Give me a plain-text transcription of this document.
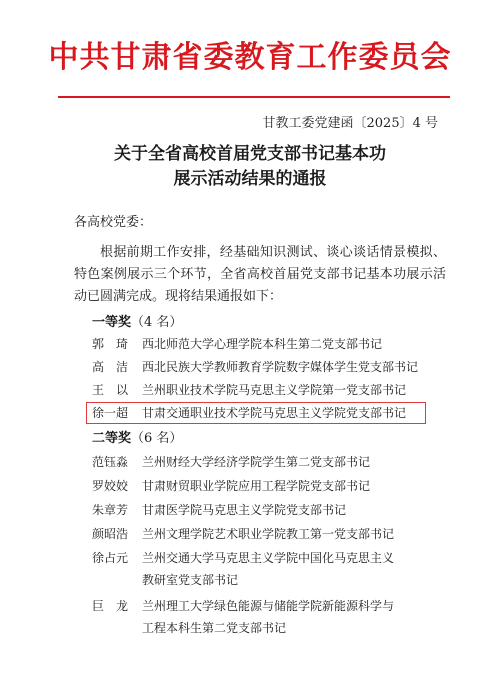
中共甘肃省委教育工作委员会
甘教工委党建函〔2025〕4 号
关于全省高校首届党支部书记基本功
展示活动结果的通报
各高校党委：
根据前期工作安排，经基础知识测试、谈心谈话情景模拟、特色案例展示三个环节，全省高校首届党支部书记基本功展示活动已圆满完成。现将结果通报如下：
一等奖（4 名）
郭　琦	西北师范大学心理学院本科生第二党支部书记
高　洁	西北民族大学教师教育学院数字媒体学生党支部书记
王　以	兰州职业技术学院马克思主义学院第一党支部书记
徐一超	甘肃交通职业技术学院马克思主义学院党支部书记
二等奖（6 名）
范钰淼	兰州财经大学经济学院学生第二党支部书记
罗姣姣	甘肃财贸职业学院应用工程学院党支部书记
朱章芳	甘肃医学院马克思主义学院党支部书记
颜昭浩	兰州文理学院艺术职业学院教工第一党支部书记
徐占元	兰州交通大学马克思主义学院中国化马克思主义
教研室党支部书记
巨　龙	兰州理工大学绿色能源与储能学院新能源科学与
工程本科生第二党支部书记
